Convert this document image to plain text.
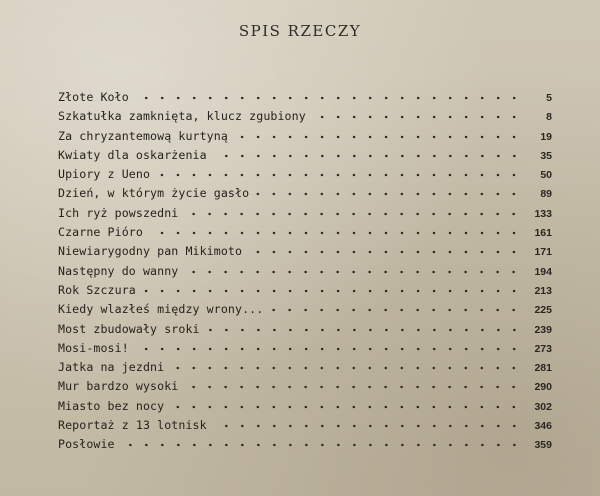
SPIS RZECZY
Złote Koło	5
Szkatułka zamknięta, klucz zgubiony	8
Za chryzantemową kurtyną	19
Kwiaty dla oskarżenia	35
Upiory z Ueno	50
Dzień, w którym życie gasło	89
Ich ryż powszedni	133
Czarne Pióro	161
Niewiarygodny pan Mikimoto	171
Następny do wanny	194
Rok Szczura	213
Kiedy wlazłeś między wrony...	225
Most zbudowały sroki	239
Mosi-mosi!	273
Jatka na jezdni	281
Mur bardzo wysoki	290
Miasto bez nocy	302
Reportaż z 13 lotnisk	346
Posłowie	359
